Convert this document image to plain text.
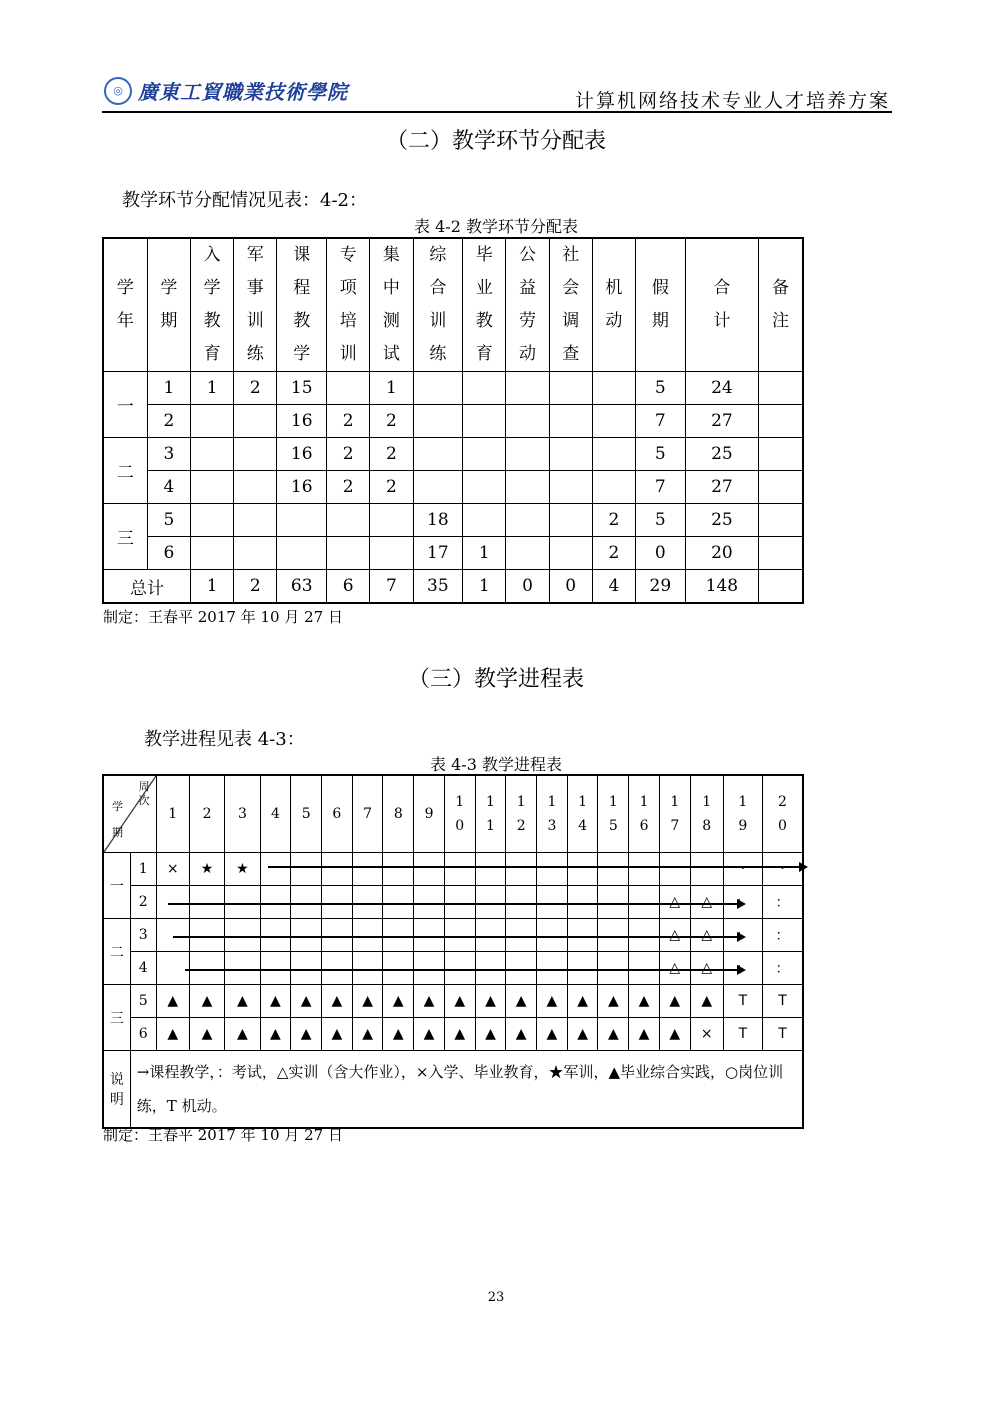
◎ 廣東工貿職業技術學院	计算机网络技术专业人才培养方案
（二）教学环节分配表
教学环节分配情况见表：4-2：
表 4-2 教学环节分配表
学年	学期	入学教育	军事训练	课程教学	专项培训	集中测试	综合训练	毕业教育	公益劳动	社会调查	机动	假期	合计	备注
一	1	1	2	15		1						5	24	
	2			16	2	2						7	27	
二	3			16	2	2						5	25	
	4			16	2	2						7	27	
三	5						18				2	5	25	
	6						17	1			2	0	20	
总计		1	2	63	6	7	35	1	0	0	4	29	148	
制定：王春平 2017 年 10 月 27 日
（三）教学进程表
教学进程见表 4-3：
表 4-3 教学进程表
周次
学期		1	2	3	4	5	6	7	8	9	10	11	12	13	14	15	16	17	18	19	20
一	1	×	★	★																·	·
	2																	△	△	：	：
二	3																	△	△	：	：
	4																	△	△	：	：
三	5	▲	▲	▲	▲	▲	▲	▲	▲	▲	▲	▲	▲	▲	▲	▲	▲	▲	▲	T	T
	6	▲	▲	▲	▲	▲	▲	▲	▲	▲	▲	▲	▲	▲	▲	▲	▲	▲	×	T	T
说明	→课程教学，：考试，△实训（含大作业），×入学、毕业教育，★军训，▲毕业综合实践，○岗位训练，T 机动。																				
制定：王春平 2017 年 10 月 27 日
23
